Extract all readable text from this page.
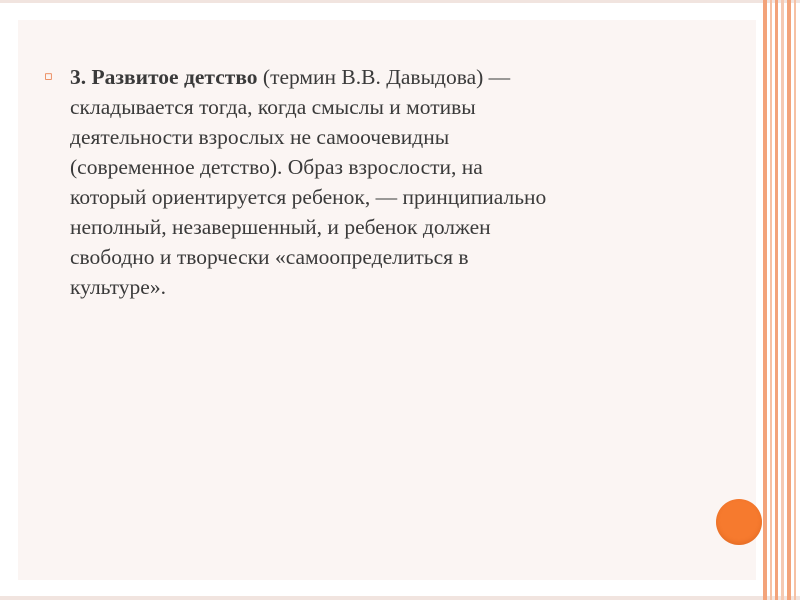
▫ 3. Развитое детство (термин В.В. Давыдова) —
складывается тогда, когда смыслы и мотивы
деятельности взрослых не самоочевидны
(современное детство). Образ взрослости, на
который ориентируется ребенок, — принципиально
неполный, незавершенный, и ребенок должен
свободно и творчески «самоопределиться в
культуре».
